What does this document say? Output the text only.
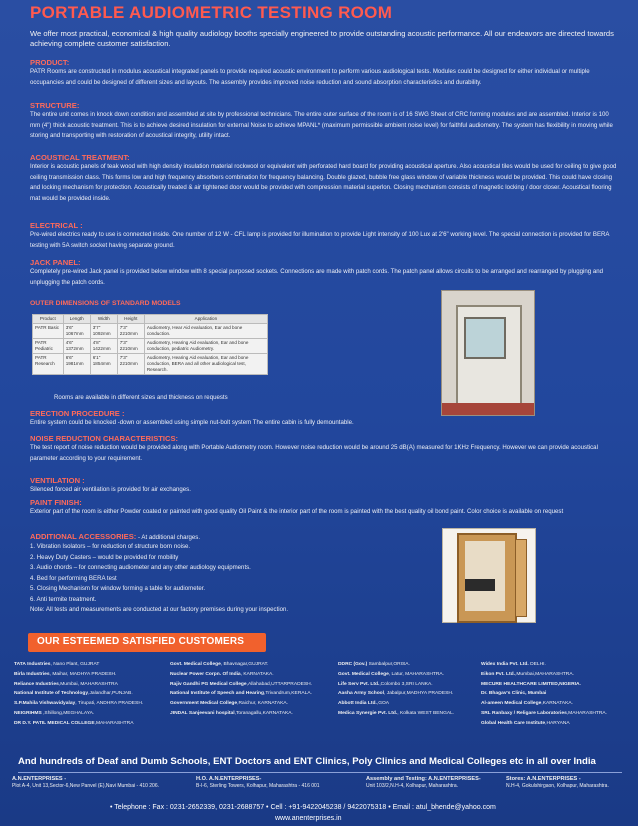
PORTABLE AUDIOMETRIC TESTING ROOM
We offer most practical, economical & high quality audiology booths specially engineered to provide outstanding acoustic performance. All our endeavors are directed towards achieving complete customer satisfaction.
PRODUCT:
PATR Rooms are constructed in modulus acoustical integrated panels to provide required acoustic environment to perform various audiological tests. Modules could be designed for either individual or multiple occupancies and could be designed of different sizes and layouts. The assembly provides improved noise reduction and sound absorption characteristics and durability.
STRUCTURE:
The entire unit comes in knock down condition and assembled at site by professional technicians. The entire outer surface of the room is of 16 SWG Sheet of CRC forming modules and are assembled. Interior is 100 mm (4") thick acoustic treatment. This is to achieve desired insulation for external Noise to achieve MPANL* (maximum permissible ambient noise level) for faithful audiometry. The system has flexibility in moving while storing and transporting with restoration of acoustical integrity, utility intact.
ACOUSTICAL TREATMENT:
Interior is acoustic panels of teak wood with high density insulation material rockwool or equivalent with perforated hard board for providing acoustical aperture. Also acoustical tiles would be used for ceiling to give good ceiling transmission class. This forms low and high frequency absorbers combination for frequency balancing. Double glazed, bubble free glass window of variable thickness would be provided. This could have closing and locking mechanism for protection. Acoustically treated & air tightened door would be provided with compression material superlon. Closing mechanism consists of magnetic locking / door closer. Acoustical flooring mat would be provided inside.
ELECTRICAL :
Pre-wired electrics ready to use is connected inside. One number of 12 W - CFL lamp is provided for illumination to provide Light intensity of 100 Lux at 2'6" working level. The special connection is provided for BERA testing with 5A switch socket having separate ground.
JACK PANEL:
Completely pre-wired Jack panel is provided below window with 8 special purposed sockets. Connections are made with patch cords. The patch panel allows circuits to be arranged and rearranged by plugging and unplugging the patch cords.
OUTER DIMENSIONS OF STANDARD MODELS
Product	Length	Width	Height	Application
PATR Basic	3'6" 1067mm	3'7" 1092mm	7'3" 2210mm	Audiometry, Hear Aid evaluation, Ear and bone conduction.
PATR Pediatric	4'6" 1372mm	4'8" 1422mm	7'3" 2210mm	Audiometry, Hearing Aid evaluation, Ear and bone conduction, pediatric Audiometry.
PATR Research	6'6" 1981mm	6'1" 1854mm	7'3" 2210mm	Audiometry, Hearing Aid evaluation, Ear and bone conduction, BERA and all other audiological test, Research.
Rooms are available in different sizes and thickness on requests
ERECTION PROCEDURE :
Entire system could be knocked -down or assembled using simple nut-bolt system The entire cabin is fully demountable.
NOISE REDUCTION CHARACTERISTICS:
The test report of noise reduction would be provided along with Portable Audiometry room. However noise reduction would be around 25 dB(A) measured for 1KHz Frequency. However we can provide acoustical parameter according to your requirement.
VENTILATION :
Silenced forced air ventilation is provided for air exchanges.
PAINT FINISH:
Exterior part of the room is either Powder coated or painted with good quality Oil Paint & the interior part of the room is painted with the best quality oil bond paint. Color choice is available on request
ADDITIONAL ACCESSORIES: - At additional charges.
1. Vibration Isolators – for reduction of structure born noise.
2. Heavy Duty Casters – would be provided for mobility
3. Audio chords – for connecting audiometer and any other audiology equipments.
4. Bed for performing BERA test
5. Closing Mechanism for window forming a table for audiometer.
6. Anti termite treatment.
Note: All tests and measurements are conducted at our factory premises during your inspection.
OUR ESTEEMED SATISFIED CUSTOMERS
TATA Industries, Nano Plant, GUJRAT
Birla Industries, Maihar, MADHYA PRADESH.
Reliance Industries,Mumbai, MAHARASHTRA
National Institute of Technology,Jalandhar,PUNJAB.
S.P.Mahila Vishwavidyalay, Tirupati, ANDHRA PRADESH.
NEIGRIHMS ,Shillong,MEGHALAYA.
DR D.Y. PATIL MEDICAL COLLEGE,MAHARASHTRA
Govt. Medical College, Bhavnagar,GUJRAT.
Nuclear Power Corpn. Of India, KARNATAKA.
Rajiv Gandhi PG Medical College,Allahabad,UTTARPRADESH.
National Institute of Speech and Hearing,Trivandrum,KERALA.
Government Medical College,Raichur, KARNATAKA.
JINDAL Sanjeevani hospital,Toranagallu,KARNATAKA.
DDRC (Gov.) Sambalpur,ORISA.
Govt. Medical College, Latur, MAHARASHTRA.
Life Serv Pvt. Ltd.,Colombo 3,SRI LANKA.
Aasha Army School, Jabalpur,MADHYA PRADESH.
Abbott India Ltd.,GOA
Medica Synergie Pvt. Ltd., Kolkata WEST BENGAL.
Widex India Pvt. Ltd. DELHI.
Eikon Pvt. Ltd.,Mumbai,MAHARASHTRA.
MECURE HEALTHCARE LIMITED,NIGERIA.
Dr. Bhagav's Clinic, Mumbai
Al-ameen Medical College,KARNATAKA.
SRL Ranbaxy / Religare Laboratories,MAHARASHTRA.
Global Health Care Institute,HARYANA
And hundreds of Deaf and Dumb Schools, ENT Doctors and ENT Clinics, Poly Clinics and Medical Colleges etc in all over India
A.N.ENTERPRISES -
Plot A-4, Unit 13,Sector-6,New Panvel (E),Navi Mumbai - 410 206.
H.O. A.N.ENTERPRISES-
B-I-6, Sterling Towers, Kolhapur, Maharashtra - 416 001
Assembly and Testing: A.N.ENTERPRISES-
Unit 103/2,N.H-4, Kolhapur, Maharashtra.
Stores: A.N.ENTERPRISES -
N.H-4, Gokulshirgaon, Kolhapur, Maharashtra.
• Telephone : Fax : 0231-2652339, 0231-2688757 • Cell : +91-9422045238 / 9422075318 • Email : atul_bhende@yahoo.com
www.anenterprises.in
